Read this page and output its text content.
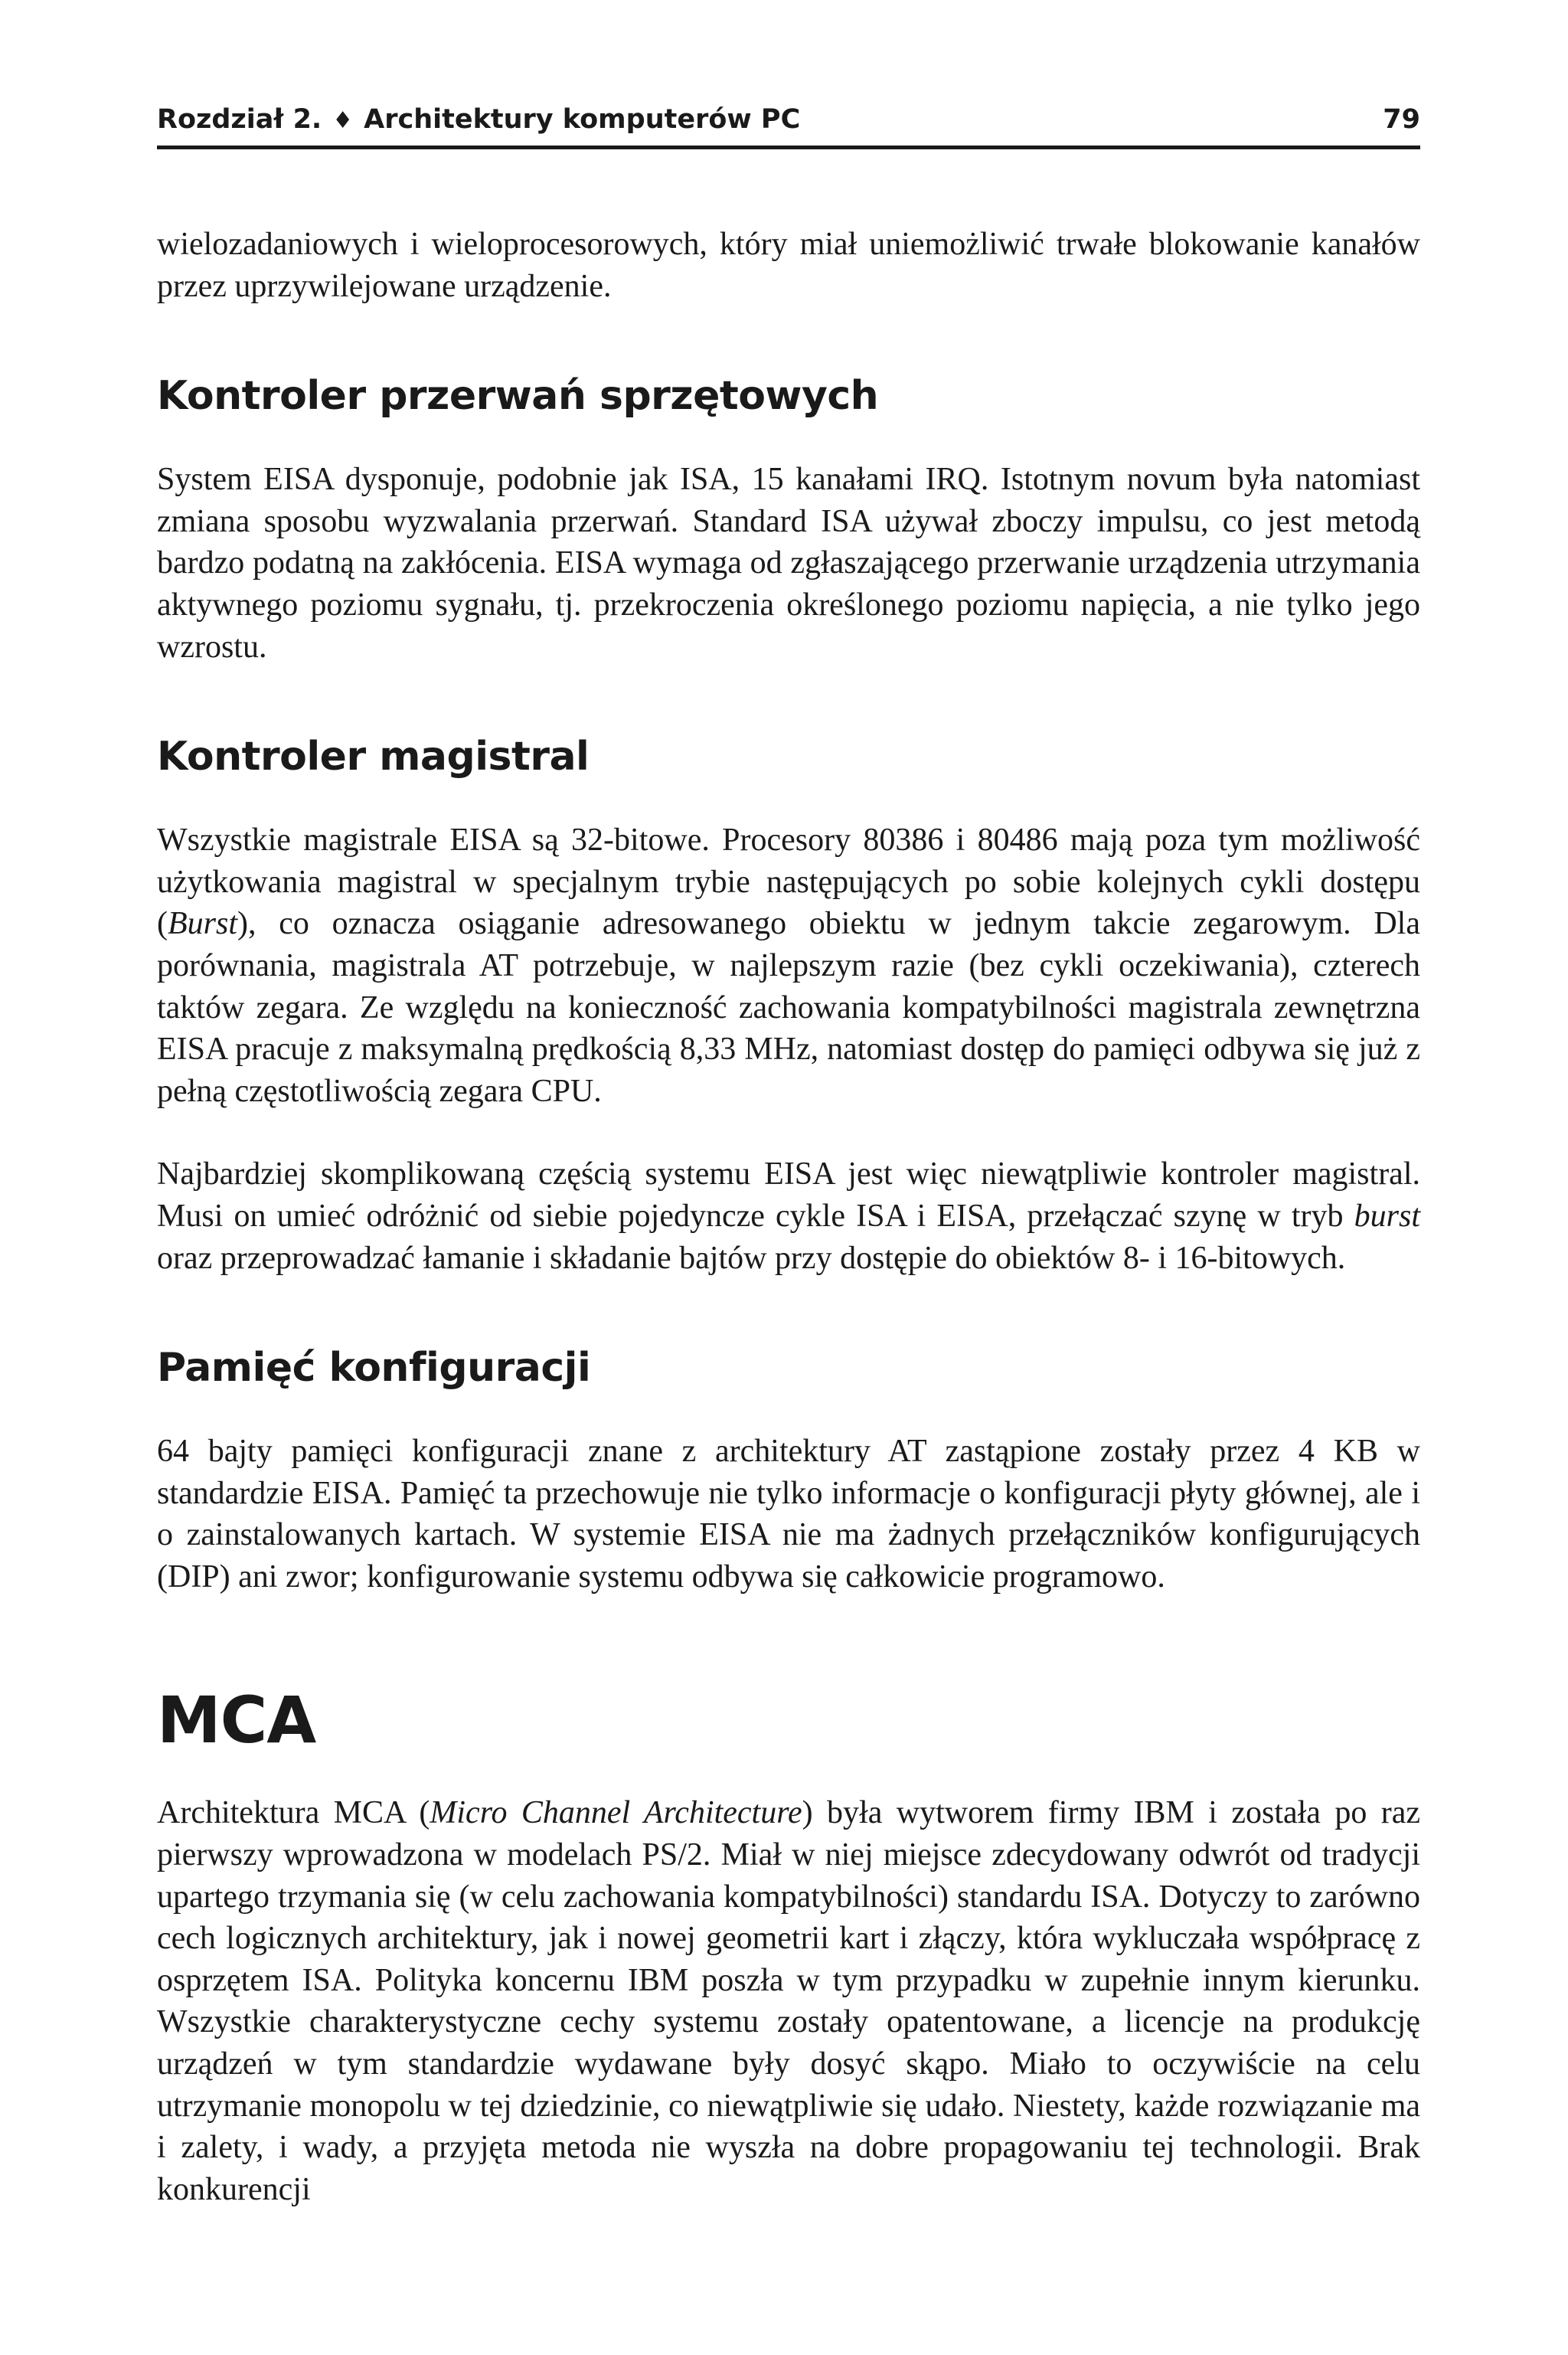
Rozdział 2. ♦ Architektury komputerów PC	79

wielozadaniowych i wieloprocesorowych, który miał uniemożliwić trwałe blokowanie kanałów przez uprzywilejowane urządzenie.

Kontroler przerwań sprzętowych

System EISA dysponuje, podobnie jak ISA, 15 kanałami IRQ. Istotnym novum była natomiast zmiana sposobu wyzwalania przerwań. Standard ISA używał zboczy impulsu, co jest metodą bardzo podatną na zakłócenia. EISA wymaga od zgłaszającego przerwanie urządzenia utrzymania aktywnego poziomu sygnału, tj. przekroczenia określonego poziomu napięcia, a nie tylko jego wzrostu.

Kontroler magistral

Wszystkie magistrale EISA są 32-bitowe. Procesory 80386 i 80486 mają poza tym możliwość użytkowania magistral w specjalnym trybie następujących po sobie kolejnych cykli dostępu (Burst), co oznacza osiąganie adresowanego obiektu w jednym takcie zegarowym. Dla porównania, magistrala AT potrzebuje, w najlepszym razie (bez cykli oczekiwania), czterech taktów zegara. Ze względu na konieczność zachowania kompatybilności magistrala zewnętrzna EISA pracuje z maksymalną prędkością 8,33 MHz, natomiast dostęp do pamięci odbywa się już z pełną częstotliwością zegara CPU.

Najbardziej skomplikowaną częścią systemu EISA jest więc niewątpliwie kontroler magistral. Musi on umieć odróżnić od siebie pojedyncze cykle ISA i EISA, przełączać szynę w tryb burst oraz przeprowadzać łamanie i składanie bajtów przy dostępie do obiektów 8- i 16-bitowych.

Pamięć konfiguracji

64 bajty pamięci konfiguracji znane z architektury AT zastąpione zostały przez 4 KB w standardzie EISA. Pamięć ta przechowuje nie tylko informacje o konfiguracji płyty głównej, ale i o zainstalowanych kartach. W systemie EISA nie ma żadnych przełączników konfigurujących (DIP) ani zwor; konfigurowanie systemu odbywa się całkowicie programowo.

MCA

Architektura MCA (Micro Channel Architecture) była wytworem firmy IBM i została po raz pierwszy wprowadzona w modelach PS/2. Miał w niej miejsce zdecydowany odwrót od tradycji upartego trzymania się (w celu zachowania kompatybilności) standardu ISA. Dotyczy to zarówno cech logicznych architektury, jak i nowej geometrii kart i złączy, która wykluczała współpracę z osprzętem ISA. Polityka koncernu IBM poszła w tym przypadku w zupełnie innym kierunku. Wszystkie charakterystyczne cechy systemu zostały opatentowane, a licencje na produkcję urządzeń w tym standardzie wydawane były dosyć skąpo. Miało to oczywiście na celu utrzymanie monopolu w tej dziedzinie, co niewątpliwie się udało. Niestety, każde rozwiązanie ma i zalety, i wady, a przyjęta metoda nie wyszła na dobre propagowaniu tej technologii. Brak konkurencji
